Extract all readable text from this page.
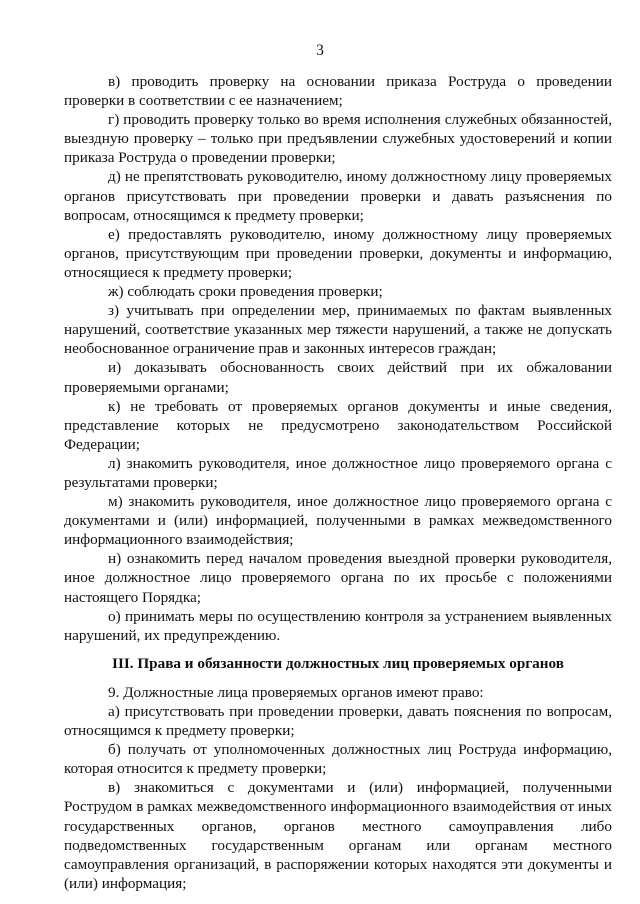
3

в) проводить проверку на основании приказа Роструда о проведении проверки в соответствии с ее назначением;

г) проводить проверку только во время исполнения служебных обязанностей, выездную проверку – только при предъявлении служебных удостоверений и копии приказа Роструда о проведении проверки;

д) не препятствовать руководителю, иному должностному лицу проверяемых органов присутствовать при проведении проверки и давать разъяснения по вопросам, относящимся к предмету проверки;

е) предоставлять руководителю, иному должностному лицу проверяемых органов, присутствующим при проведении проверки, документы и информацию, относящиеся к предмету проверки;

ж) соблюдать сроки проведения проверки;

з) учитывать при определении мер, принимаемых по фактам выявленных нарушений, соответствие указанных мер тяжести нарушений, а также не допускать необоснованное ограничение прав и законных интересов граждан;

и) доказывать обоснованность своих действий при их обжаловании проверяемыми органами;

к) не требовать от проверяемых органов документы и иные сведения, представление которых не предусмотрено законодательством Российской Федерации;

л) знакомить руководителя, иное должностное лицо проверяемого органа с результатами проверки;

м) знакомить руководителя, иное должностное лицо проверяемого органа с документами и (или) информацией, полученными в рамках межведомственного информационного взаимодействия;

н) ознакомить перед началом проведения выездной проверки руководителя, иное должностное лицо проверяемого органа по их просьбе с положениями настоящего Порядка;

о) принимать меры по осуществлению контроля за устранением выявленных нарушений, их предупреждению.

III. Права и обязанности должностных лиц проверяемых органов

9. Должностные лица проверяемых органов имеют право:

а) присутствовать при проведении проверки, давать пояснения по вопросам, относящимся к предмету проверки;

б) получать от уполномоченных должностных лиц Роструда информацию, которая относится к предмету проверки;

в) знакомиться с документами и (или) информацией, полученными Рострудом в рамках межведомственного информационного взаимодействия от иных государственных органов, органов местного самоуправления либо подведомственных государственным органам или органам местного самоуправления организаций, в распоряжении которых находятся эти документы и (или) информация;
